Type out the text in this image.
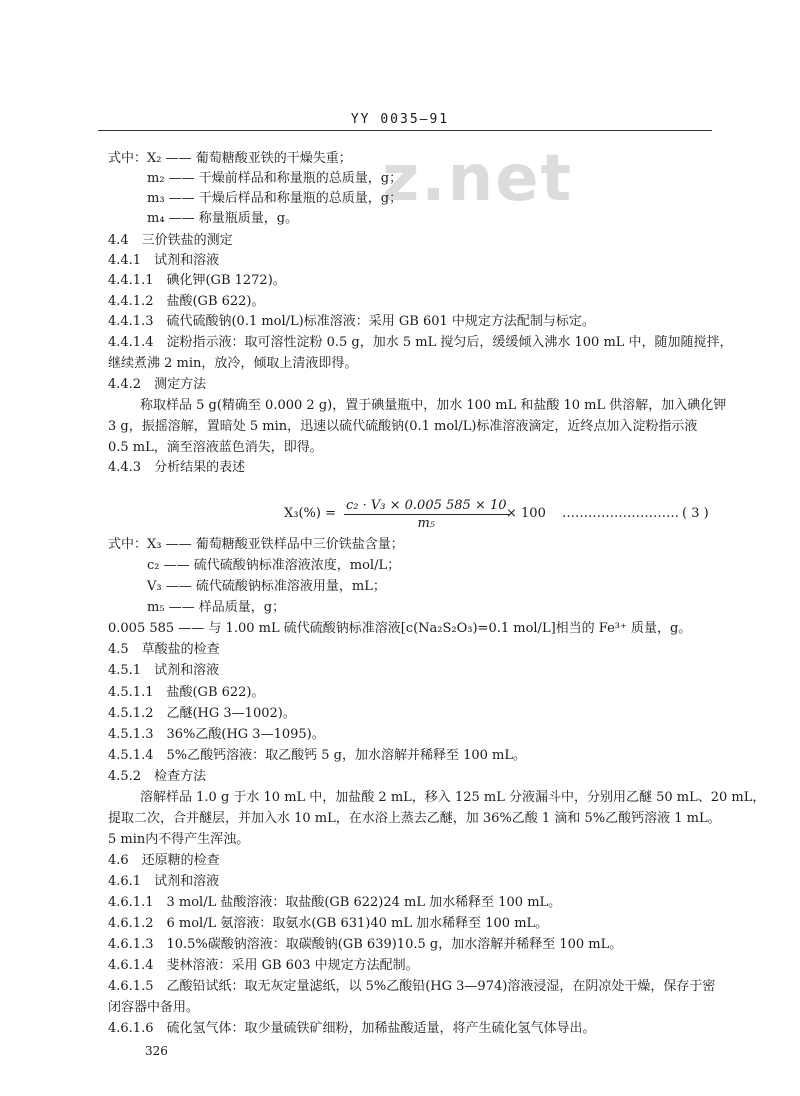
YY 0035—91
z.net
式中：X₂ —— 葡萄糖酸亚铁的干燥失重；
m₂ —— 干燥前样品和称量瓶的总质量，g；
m₃ —— 干燥后样品和称量瓶的总质量，g；
m₄ —— 称量瓶质量，g。
4.4　三价铁盐的测定
4.4.1　试剂和溶液
4.4.1.1　碘化钾(GB 1272)。
4.4.1.2　盐酸(GB 622)。
4.4.1.3　硫代硫酸钠(0.1 mol/L)标准溶液：采用 GB 601 中规定方法配制与标定。
4.4.1.4　淀粉指示液：取可溶性淀粉 0.5 g，加水 5 mL 搅匀后，缓缓倾入沸水 100 mL 中，随加随搅拌，
继续煮沸 2 min，放冷，倾取上清液即得。
4.4.2　测定方法
称取样品 5 g(精确至 0.000 2 g)，置于碘量瓶中，加水 100 mL 和盐酸 10 mL 供溶解，加入碘化钾
3 g，振摇溶解，置暗处 5 min，迅速以硫代硫酸钠(0.1 mol/L)标准溶液滴定，近终点加入淀粉指示液
0.5 mL，滴至溶液蓝色消失，即得。
4.4.3　分析结果的表述
$X_3(\%) = \frac{\text{c₂ · V₃ × 0.005 585 × 10}}{\text{m₅}}$
× 100 ……………………… ( 3 )
式中：X₃ —— 葡萄糖酸亚铁样品中三价铁盐含量；
c₂ —— 硫代硫酸钠标准溶液浓度，mol/L；
V₃ —— 硫代硫酸钠标准溶液用量，mL；
m₅ —— 样品质量，g；
0.005 585 —— 与 1.00 mL 硫代硫酸钠标准溶液[c(Na₂S₂O₃)=0.1 mol/L]相当的 Fe³⁺ 质量，g。
4.5　草酸盐的检查
4.5.1　试剂和溶液
4.5.1.1　盐酸(GB 622)。
4.5.1.2　乙醚(HG 3—1002)。
4.5.1.3　36%乙酸(HG 3—1095)。
4.5.1.4　5%乙酸钙溶液：取乙酸钙 5 g，加水溶解并稀释至 100 mL。
4.5.2　检查方法
溶解样品 1.0 g 于水 10 mL 中，加盐酸 2 mL，移入 125 mL 分液漏斗中，分别用乙醚 50 mL、20 mL，
提取二次，合并醚层，并加入水 10 mL，在水浴上蒸去乙醚，加 36%乙酸 1 滴和 5%乙酸钙溶液 1 mL。
5 min内不得产生浑浊。
4.6　还原糖的检查
4.6.1　试剂和溶液
4.6.1.1　3 mol/L 盐酸溶液：取盐酸(GB 622)24 mL 加水稀释至 100 mL。
4.6.1.2　6 mol/L 氨溶液：取氨水(GB 631)40 mL 加水稀释至 100 mL。
4.6.1.3　10.5%碳酸钠溶液：取碳酸钠(GB 639)10.5 g，加水溶解并稀释至 100 mL。
4.6.1.4　斐林溶液：采用 GB 603 中规定方法配制。
4.6.1.5　乙酸铅试纸：取无灰定量滤纸，以 5%乙酸铅(HG 3—974)溶液浸湿，在阴凉处干燥，保存于密
闭容器中备用。
4.6.1.6　硫化氢气体：取少量硫铁矿细粉，加稀盐酸适量，将产生硫化氢气体导出。
326
